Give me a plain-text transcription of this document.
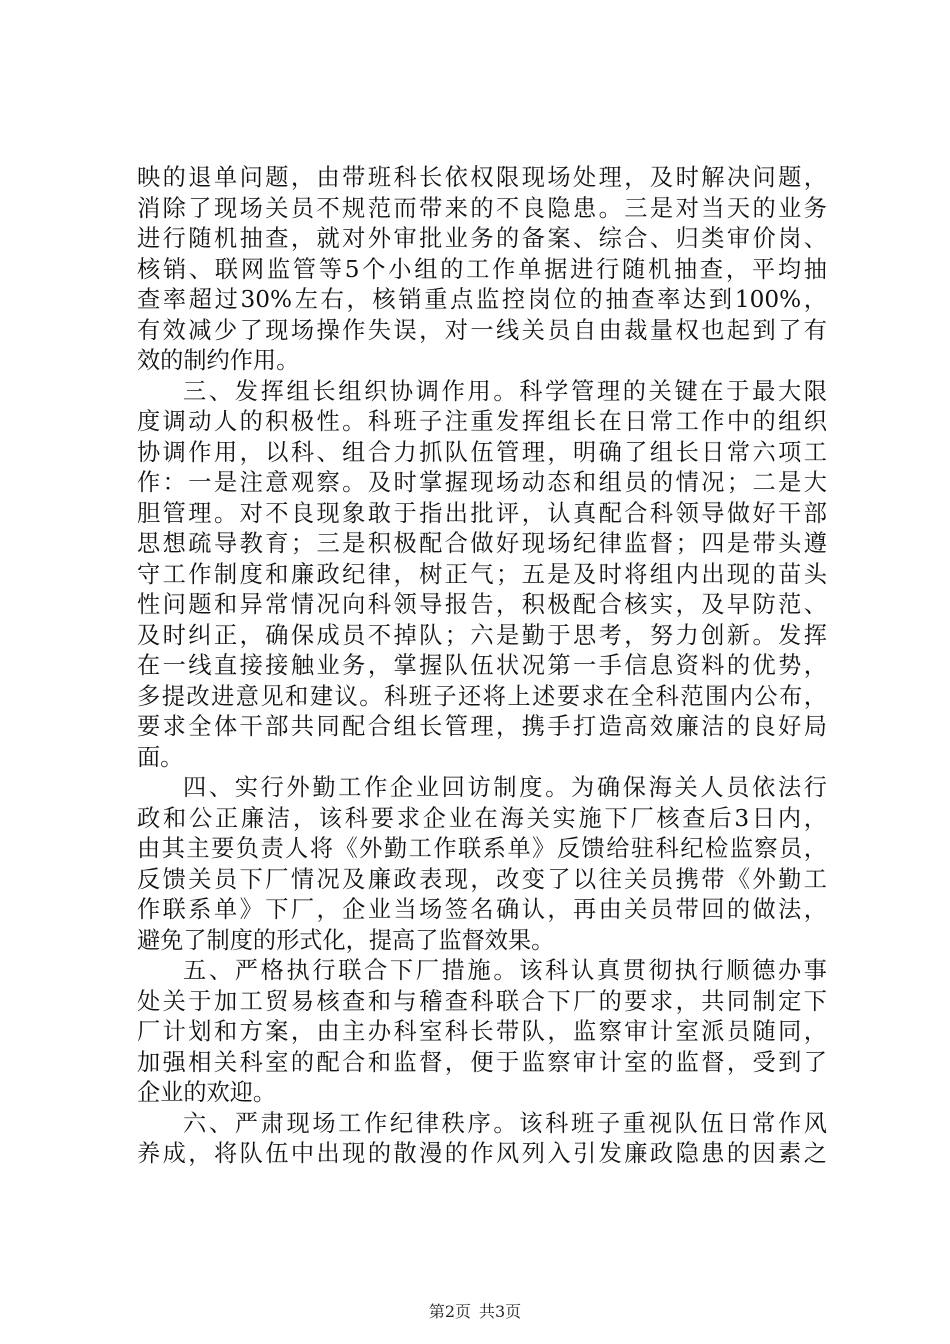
映的退单问题，由带班科长依权限现场处理，及时解决问题，
消除了现场关员不规范而带来的不良隐患。三是对当天的业务
进行随机抽查，就对外审批业务的备案、综合、归类审价岗、
核销、联网监管等5个小组的工作单据进行随机抽查，平均抽
查率超过30%左右，核销重点监控岗位的抽查率达到100%，
有效减少了现场操作失误，对一线关员自由裁量权也起到了有
效的制约作用。
三、发挥组长组织协调作用。科学管理的关键在于最大限
度调动人的积极性。科班子注重发挥组长在日常工作中的组织
协调作用，以科、组合力抓队伍管理，明确了组长日常六项工
作：一是注意观察。及时掌握现场动态和组员的情况；二是大
胆管理。对不良现象敢于指出批评，认真配合科领导做好干部
思想疏导教育；三是积极配合做好现场纪律监督；四是带头遵
守工作制度和廉政纪律，树正气；五是及时将组内出现的苗头
性问题和异常情况向科领导报告，积极配合核实，及早防范、
及时纠正，确保成员不掉队；六是勤于思考，努力创新。发挥
在一线直接接触业务，掌握队伍状况第一手信息资料的优势，
多提改进意见和建议。科班子还将上述要求在全科范围内公布，
要求全体干部共同配合组长管理，携手打造高效廉洁的良好局
面。
四、实行外勤工作企业回访制度。为确保海关人员依法行
政和公正廉洁，该科要求企业在海关实施下厂核查后3日内，
由其主要负责人将《外勤工作联系单》反馈给驻科纪检监察员，
反馈关员下厂情况及廉政表现，改变了以往关员携带《外勤工
作联系单》下厂，企业当场签名确认，再由关员带回的做法，
避免了制度的形式化，提高了监督效果。
五、严格执行联合下厂措施。该科认真贯彻执行顺德办事
处关于加工贸易核查和与稽查科联合下厂的要求，共同制定下
厂计划和方案，由主办科室科长带队，监察审计室派员随同，
加强相关科室的配合和监督，便于监察审计室的监督，受到了
企业的欢迎。
六、严肃现场工作纪律秩序。该科班子重视队伍日常作风
养成，将队伍中出现的散漫的作风列入引发廉政隐患的因素之
第2页 共3页
